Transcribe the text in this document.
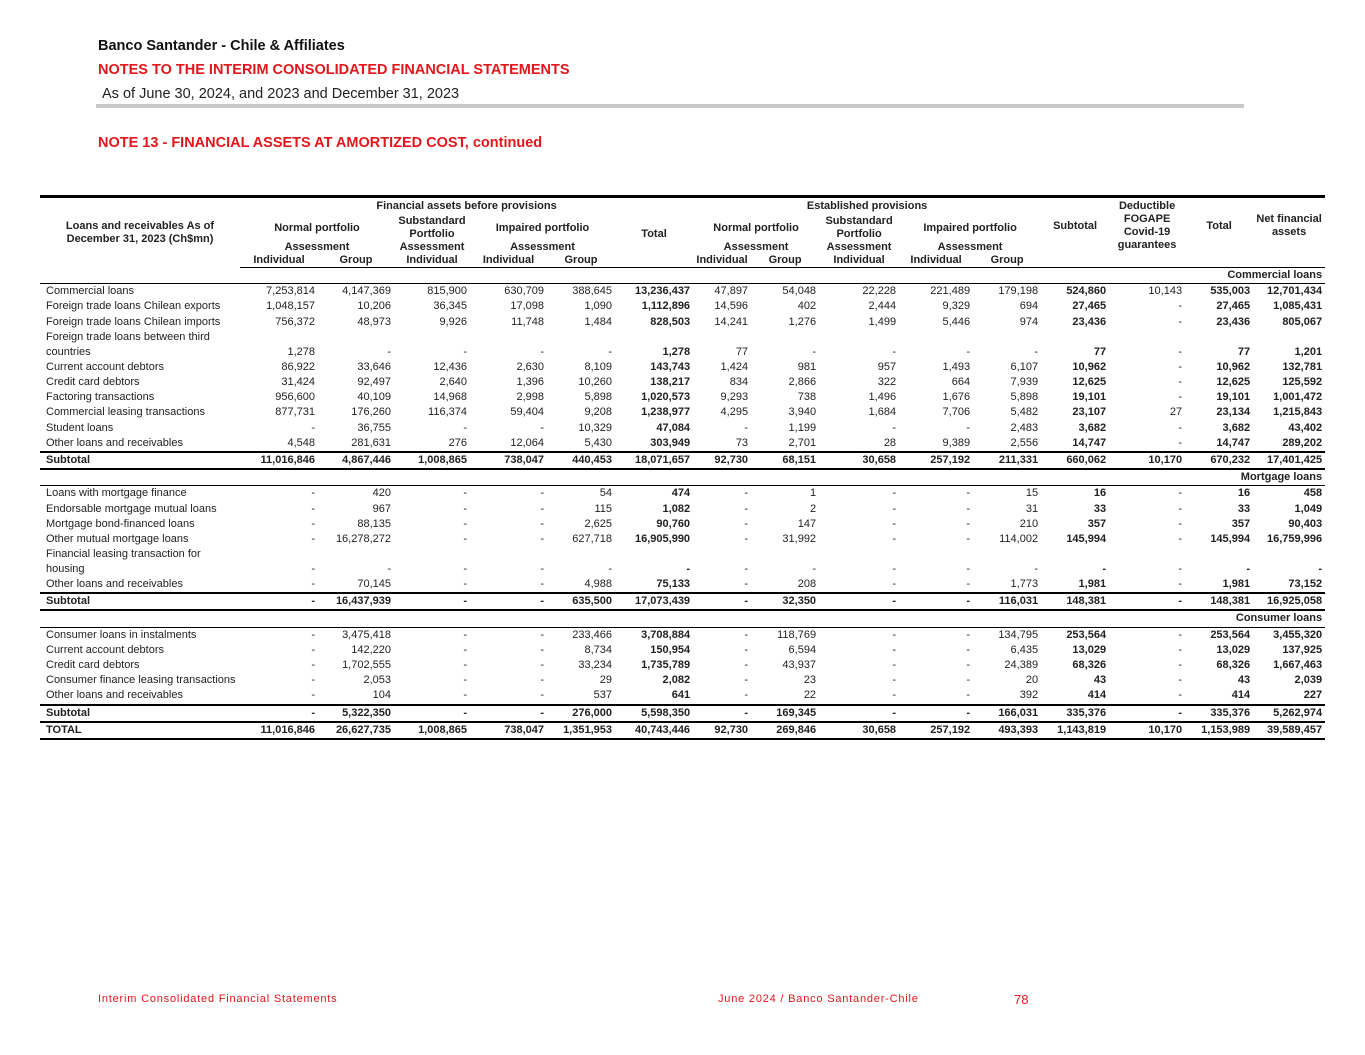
Banco Santander - Chile & Affiliates
NOTES TO THE INTERIM CONSOLIDATED FINANCIAL STATEMENTS
As of June 30, 2024, and 2023 and December 31, 2023
NOTE 13 - FINANCIAL ASSETS AT AMORTIZED COST, continued
Loans and receivables As of December 31, 2023 (Ch$mn)	Financial assets before provisions						Established provisions					Subtotal	Deductible FOGAPE Covid-19 guarantees	Total	Net financial assets
	Normal portfolio		Substandard Portfolio	Impaired portfolio		Total	Normal portfolio		Substandard Portfolio	Impaired portfolio					
	Assessment		Assessment	Assessment			Assessment		Assessment	Assessment					
	Individual	Group	Individual	Individual	Group		Individual	Group	Individual	Individual	Group				
Commercial loans															
Commercial loans	7,253,814	4,147,369	815,900	630,709	388,645	13,236,437	47,897	54,048	22,228	221,489	179,198	524,860	10,143	535,003	12,701,434
Foreign trade loans Chilean exports	1,048,157	10,206	36,345	17,098	1,090	1,112,896	14,596	402	2,444	9,329	694	27,465	-	27,465	1,085,431
Foreign trade loans Chilean imports	756,372	48,973	9,926	11,748	1,484	828,503	14,241	1,276	1,499	5,446	974	23,436	-	23,436	805,067
Foreign trade loans between third countries	1,278	-	-	-	-	1,278	77	-	-	-	-	77	-	77	1,201
Current account debtors	86,922	33,646	12,436	2,630	8,109	143,743	1,424	981	957	1,493	6,107	10,962	-	10,962	132,781
Credit card debtors	31,424	92,497	2,640	1,396	10,260	138,217	834	2,866	322	664	7,939	12,625	-	12,625	125,592
Factoring transactions	956,600	40,109	14,968	2,998	5,898	1,020,573	9,293	738	1,496	1,676	5,898	19,101	-	19,101	1,001,472
Commercial leasing transactions	877,731	176,260	116,374	59,404	9,208	1,238,977	4,295	3,940	1,684	7,706	5,482	23,107	27	23,134	1,215,843
Student loans	-	36,755	-	-	10,329	47,084	-	1,199	-	-	2,483	3,682	-	3,682	43,402
Other loans and receivables	4,548	281,631	276	12,064	5,430	303,949	73	2,701	28	9,389	2,556	14,747	-	14,747	289,202
Subtotal	11,016,846	4,867,446	1,008,865	738,047	440,453	18,071,657	92,730	68,151	30,658	257,192	211,331	660,062	10,170	670,232	17,401,425
Mortgage loans															
Loans with mortgage finance	-	420	-	-	54	474	-	1	-	-	15	16	-	16	458
Endorsable mortgage mutual loans	-	967	-	-	115	1,082	-	2	-	-	31	33	-	33	1,049
Mortgage bond-financed loans	-	88,135	-	-	2,625	90,760	-	147	-	-	210	357	-	357	90,403
Other mutual mortgage loans	-	16,278,272	-	-	627,718	16,905,990	-	31,992	-	-	114,002	145,994	-	145,994	16,759,996
Financial leasing transaction for housing	-	-	-	-	-	-	-	-	-	-	-	-	-	-	-
Other loans and receivables	-	70,145	-	-	4,988	75,133	-	208	-	-	1,773	1,981	-	1,981	73,152
Subtotal	-	16,437,939	-	-	635,500	17,073,439	-	32,350	-	-	116,031	148,381	-	148,381	16,925,058
Consumer loans															
Consumer loans in instalments	-	3,475,418	-	-	233,466	3,708,884	-	118,769	-	-	134,795	253,564	-	253,564	3,455,320
Current account debtors	-	142,220	-	-	8,734	150,954	-	6,594	-	-	6,435	13,029	-	13,029	137,925
Credit card debtors	-	1,702,555	-	-	33,234	1,735,789	-	43,937	-	-	24,389	68,326	-	68,326	1,667,463
Consumer finance leasing transactions	-	2,053	-	-	29	2,082	-	23	-	-	20	43	-	43	2,039
Other loans and receivables	-	104	-	-	537	641	-	22	-	-	392	414	-	414	227
Subtotal	-	5,322,350	-	-	276,000	5,598,350	-	169,345	-	-	166,031	335,376	-	335,376	5,262,974
TOTAL	11,016,846	26,627,735	1,008,865	738,047	1,351,953	40,743,446	92,730	269,846	30,658	257,192	493,393	1,143,819	10,170	1,153,989	39,589,457
Interim Consolidated Financial Statements	June 2024 / Banco Santander-Chile	78
